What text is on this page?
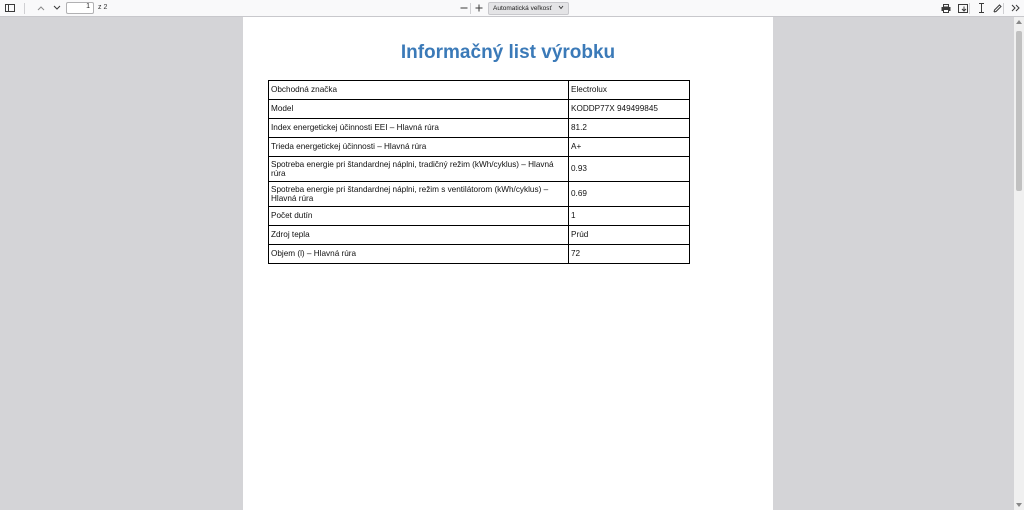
1	z 2	Automatická veľkosť
Informačný list výrobku
Obchodná značka	Electrolux
Model	KODDP77X 949499845
Index energetickej účinnosti EEI – Hlavná rúra	81.2
Trieda energetickej účinnosti – Hlavná rúra	A+
Spotreba energie pri štandardnej náplni, tradičný režim (kWh/cyklus) – Hlavná rúra	0.93
Spotreba energie pri štandardnej náplni, režim s ventilátorom (kWh/cyklus) – Hlavná rúra	0.69
Počet dutín	1
Zdroj tepla	Prúd
Objem (l) – Hlavná rúra	72
